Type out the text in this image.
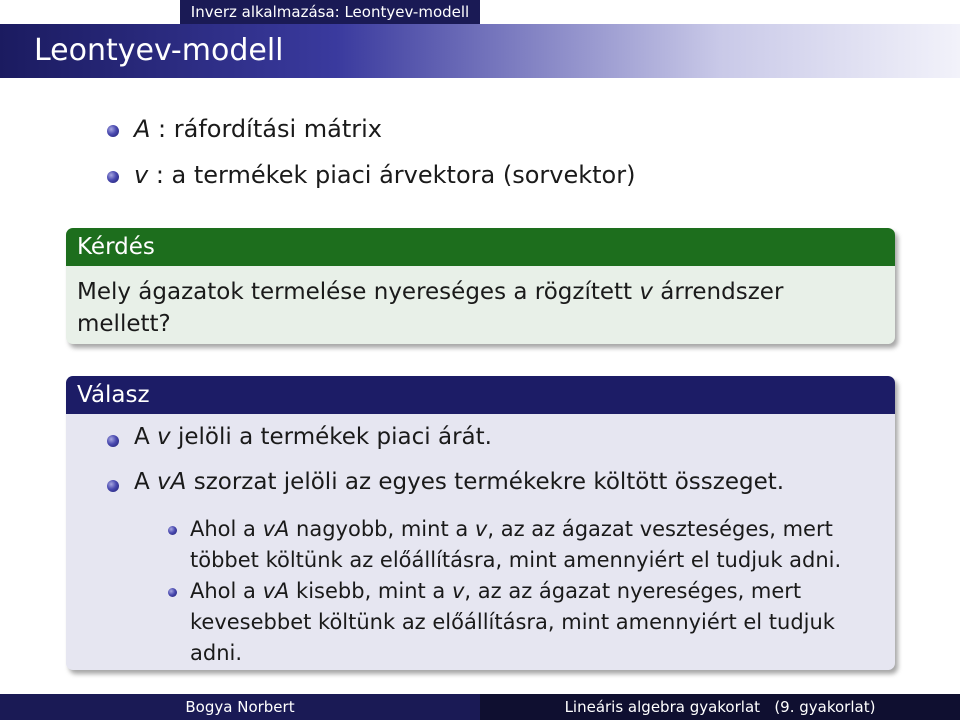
Inverz alkalmazása: Leontyev-modell
Leontyev-modell
A : ráfordítási mátrix
v : a termékek piaci árvektora (sorvektor)
Kérdés
Mely ágazatok termelése nyereséges a rögzített v árrendszer
mellett?
Válasz
A v jelöli a termékek piaci árát.
A vA szorzat jelöli az egyes termékekre költött összeget.
Ahol a vA nagyobb, mint a v, az az ágazat veszteséges, mert
többet költünk az előállításra, mint amennyiért el tudjuk adni.
Ahol a vA kisebb, mint a v, az az ágazat nyereséges, mert
kevesebbet költünk az előállításra, mint amennyiért el tudjuk
adni.
Bogya Norbert	Lineáris algebra gyakorlat   (9. gyakorlat)
